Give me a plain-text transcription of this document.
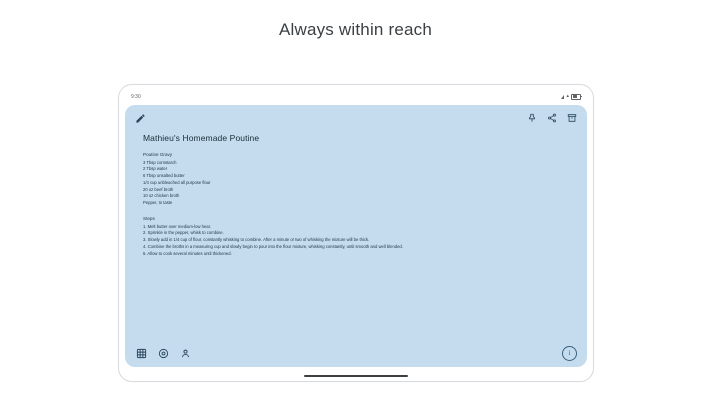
Always within reach
9:30	▴
Mathieu's Homemade Poutine
Poutine Gravy
3 Tbsp cornstarch
2 Tbsp water
6 Tbsp unsalted butter
1/4 cup unbleached all purpose flour
20 oz beef broth
10 oz chicken broth
Pepper, to taste
Steps
1. Melt butter over medium-low heat.
2. Sprinkle in the pepper, whisk to combine.
3. Slowly add in 1/4 cup of flour, constantly whisking to combine. After a minute or two of whisking the mixture will be thick.
4. Combine the broths in a measuring cup and slowly begin to pour into the flour mixture, whisking constantly, until smooth and well blended.
5. Allow to cook several minutes until thickened.
i
